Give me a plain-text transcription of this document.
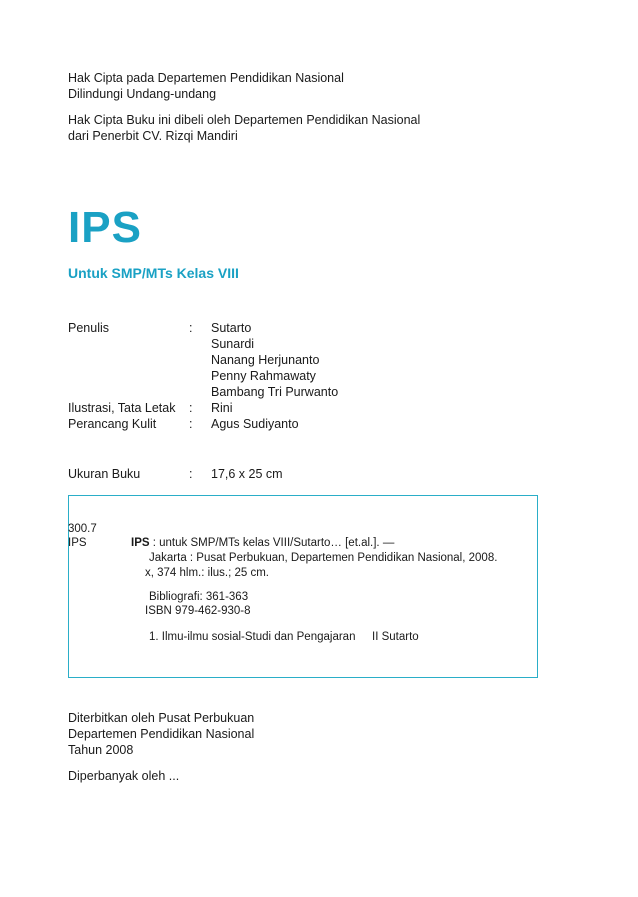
Hak Cipta pada Departemen Pendidikan Nasional
Dilindungi Undang-undang
Hak Cipta Buku ini dibeli oleh Departemen Pendidikan Nasional
dari Penerbit CV. Rizqi Mandiri
IPS
Untuk SMP/MTs Kelas VIII
Penulis	: Sutarto
Sunardi
Nanang Herjunanto
Penny Rahmawaty
Bambang Tri Purwanto
Ilustrasi, Tata Letak : Rini
Perancang Kulit	: Agus Sudiyanto
Ukuran Buku	: 17,6 x 25 cm
300.7
IPS	IPS : untuk SMP/MTs kelas VIII/Sutarto… [et.al.]. —
Jakarta : Pusat Perbukuan, Departemen Pendidikan Nasional, 2008.
x, 374 hlm.: ilus.; 25 cm.
Bibliografi: 361-363
ISBN 979-462-930-8
1. Ilmu-ilmu sosial-Studi dan Pengajaran II Sutarto
Diterbitkan oleh Pusat Perbukuan
Departemen Pendidikan Nasional
Tahun 2008
Diperbanyak oleh ...
